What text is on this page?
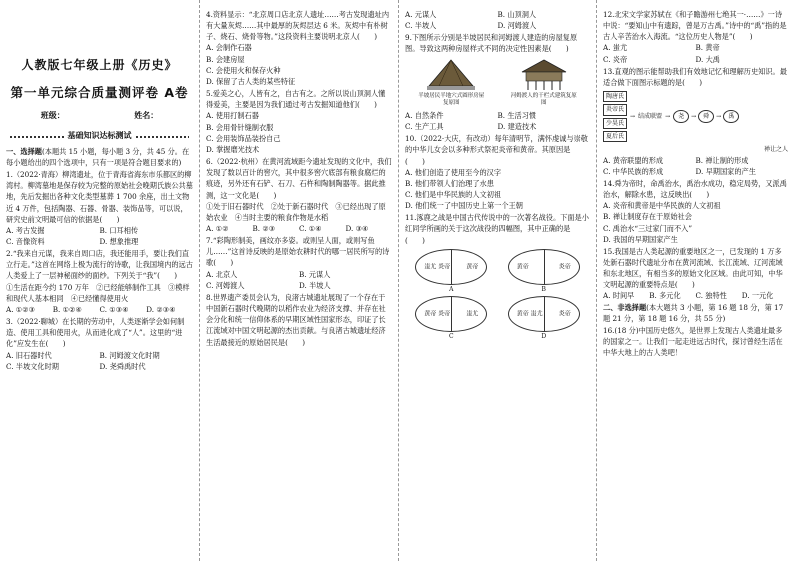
人教版七年级上册《历史》
第一单元综合质量测评卷 A卷
班级：	姓名：
基础知识达标测试

一、选择题(本题共 15 小题，每小题 3 分，共 45 分。在每小题给出的四个选项中，只有一项是符合题目要求的)

1.（2022·青海）柳湾遗址，位于青海省海东市乐都区的柳湾村。柳湾墓地是保存较为完整的原始社会晚期氏族公共墓地，先后发掘出各种文化类型墓葬 1 700 余座，出土文物近 4 万件，包括陶器、石器、骨器、装饰品等，可以说，研究史前文明最可信的依据是(　　)

A. 考古发掘	B. 口耳相传
C. 音像资料	D. 想象推理

2.“我来自元谋，我来自周口店，我还能用手，要让我们直立行走。”这首在网络上极为流行的诗歌，让我国境内的远古人类爱上了一层神秘面纱的面纱。下列关于“我”(　　)

①生活在距今约 170 万年　②已经能够制作工具　③模样和现代人基本相同　④已经懂得使用火

A. ①②③	B. ①②④	C. ①③④	D. ②③④

3.（2022·聊城）在长期的劳动中，人类逐渐学会如何制造、使用工具和使用火，从而进化成了“人”。这里的“进化”应发生在(　　)

A. 旧石器时代	B. 河姆渡文化时期
C. 半坡文化时期	D. 尧舜禹时代

4.资料显示：“北京周口店北京人遗址……考古发现遗址内有大量灰烬……其中最厚的灰烬层达 6 米。灰烬中有朴树子、烧石、烧骨等物。”这段资料主要说明北京人(　　)

A. 会制作石器

B. 会建房屋

C. 会使用火和保存火种

D. 保留了古人类的某些特征

5.爱美之心，人皆有之，自古有之。之所以说山顶洞人懂得爱美，主要是因为我们通过考古发掘知道他们(　　)

A. 使用打制石器

B. 会用骨针缝制衣服

C. 会用装饰品装扮自己

D. 掌握磨光技术

6.（2022·杭州）在黄河流域距今遗址发现的文化中，我们发现了数以百计的窖穴，其中很多窖穴底部有粮食腐烂的痕迹，另外还有石铲、石刀、石杵和陶制陶器等。据此推测，这一文化是(　　)

①处于旧石器时代　②处于新石器时代　③已经出现了原始农业　④当时主要的粮食作物是水稻

A. ①②	B. ②③	C. ①④	D. ③④

7.“彩陶形制美，画纹亦多姿。或则呈人面，或则写鱼儿……”这首诗反映的是原始农耕时代的哪一居民所写的诗歌(　　)

A. 北京人	B. 元谋人
C. 河姆渡人	D. 半坡人

8.世界遗产委员会认为，良渚古城遗址展现了一个存在于中国新石器时代晚期的以稻作农业为经济支撑、并存在社会分化和统一信仰体系的早期区域性国家形态，印证了长江流域对中国文明起源的杰出贡献。与良渚古城遗址经济生活最接近的原始居民是(　　)

A. 元谋人	B. 山顶洞人
C. 半坡人	D. 河姆渡人

9.下图所示分别是半坡居民和河姆渡人建造的房屋复原图。导致这两种房屋样式不同的决定性因素是(　　)

半坡居民半地穴式圆形房屋复原图
河姆渡人的干栏式建筑复原图
A. 自然条件	B. 生活习惯
C. 生产工具	D. 建造技术

10.（2022·大庆，有改动）每年清明节，满怀虔诚与崇敬的中华儿女会以多种形式祭祀炎帝和黄帝。其原因是(　　)

A. 他们创造了使用至今的汉字

B. 他们带领人们治理了水患

C. 他们是中华民族的人文初祖

D. 他们统一了中国历史上第一个王朝

11.涿鹿之战是中国古代传说中的一次著名战役。下面是小红同学所画的关于这次战役的四幅图，其中正确的是(　　)

蚩尤 炎帝	黄帝
A
黄帝	炎帝
B
黄帝 炎帝	蚩尤
C
黄帝 蚩尤	炎帝
D

12.北宋文学家苏轼在《和子瞻游州七绝其一·……》一诗中说：“要知山中有遗踪，曾是万古禹。”诗中的“禹”指的是古人辛苦治水入海流。“这位历史人物是”(　　)

A. 蚩尤	B. 黄帝
C. 炎帝	D. 大禹

13.直观的图示能帮助我们有效地记忆和理解历史知识。最适合做下面图示标题的是(　　)

陶唐氏
炎帝氏
少昊氏
夏后氏
→ 结成联盟 →	尧	→	舜	→	禹

禅让之人

A. 黄帝联盟的形成	B. 禅让制的形成
C. 中华民族的形成	D. 早期国家的产生

14.舜为帝时，命禹治水，禹治水成功，稳定局势，又派禹治水，解除水患，这反映出(　　)

A. 炎帝和黄帝是中华民族的人文初祖

B. 禅让制度存在于原始社会

C. 禹治水“三过家门而不入”

D. 我国的早期国家产生

15.我国是古人类起源的重要地区之一，已发现的 1 万多处新石器时代遗址分布在黄河流域、长江流域、辽河流域和东北地区，有相当多的原始文化区域。由此可知，中华文明起源的重要特点是(　　)

A. 时间早	B. 多元化	C. 独特性	D. 一元化

二、非选择题(本大题共 3 小题，第 16 题 18 分，第 17 题 21 分，第 18 题 16 分，共 55 分)

16.(18 分)中国历史悠久，是世界上发现古人类遗址最多的国家之一。让我们一起走进远古时代，探讨曾经生活在中华大地上的古人类吧！
